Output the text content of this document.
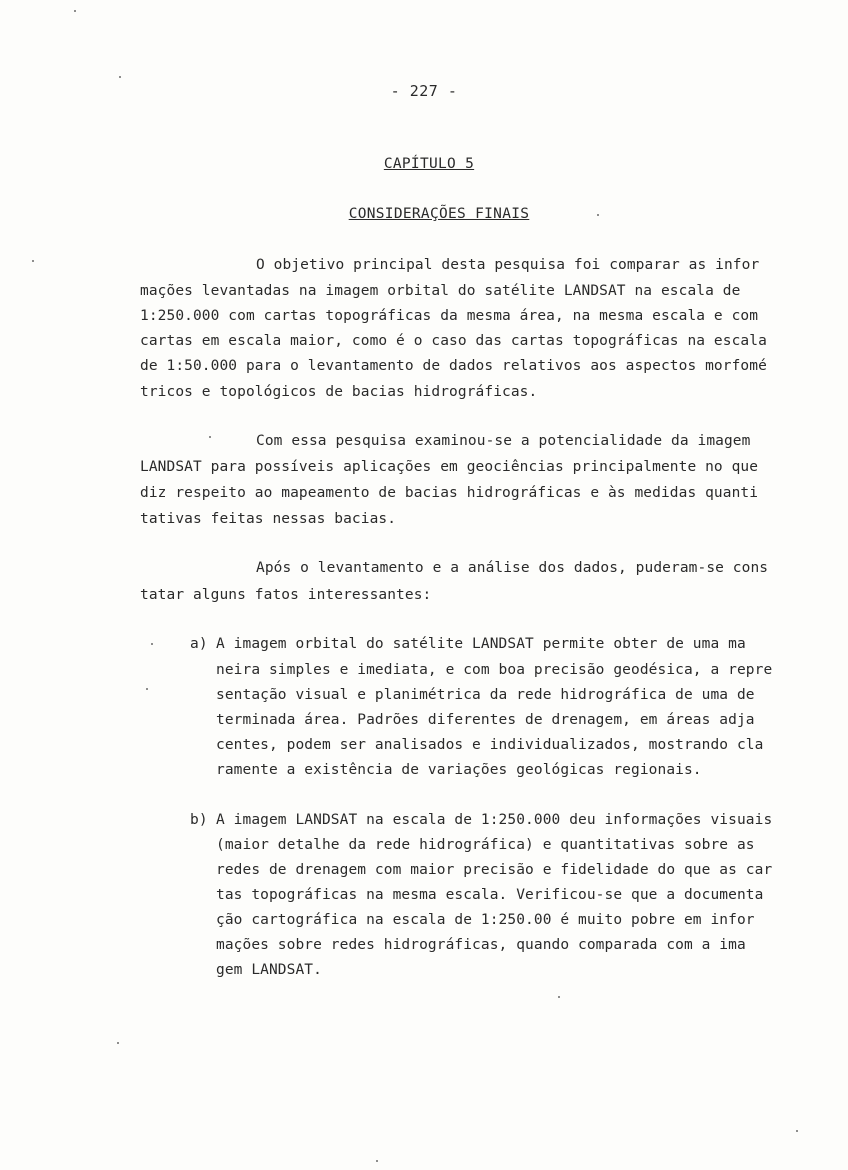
- 227 -
CAPÍTULO 5
CONSIDERAÇÕES FINAIS
O objetivo principal desta pesquisa foi comparar as infor
mações levantadas na imagem orbital do satélite LANDSAT na escala de
1:250.000 com cartas topográficas da mesma área, na mesma escala e com
cartas em escala maior, como é o caso das cartas topográficas na escala
de 1:50.000 para o levantamento de dados relativos aos aspectos morfomé
tricos e topológicos de bacias hidrográficas.
Com essa pesquisa examinou-se a potencialidade da imagem
LANDSAT para possíveis aplicações em geociências principalmente no que
diz respeito ao mapeamento de bacias hidrográficas e às medidas quanti
tativas feitas nessas bacias.
Após o levantamento e a análise dos dados, puderam-se cons
tatar alguns fatos interessantes:
a) A imagem orbital do satélite LANDSAT permite obter de uma ma
neira simples e imediata, e com boa precisão geodésica, a repre
sentação visual e planimétrica da rede hidrográfica de uma de
terminada área. Padrões diferentes de drenagem, em áreas adja
centes, podem ser analisados e individualizados, mostrando cla
ramente a existência de variações geológicas regionais.
b) A imagem LANDSAT na escala de 1:250.000 deu informações visuais
(maior detalhe da rede hidrográfica) e quantitativas sobre as
redes de drenagem com maior precisão e fidelidade do que as car
tas topográficas na mesma escala. Verificou-se que a documenta
ção cartográfica na escala de 1:250.00 é muito pobre em infor
mações sobre redes hidrográficas, quando comparada com a ima
gem LANDSAT.
